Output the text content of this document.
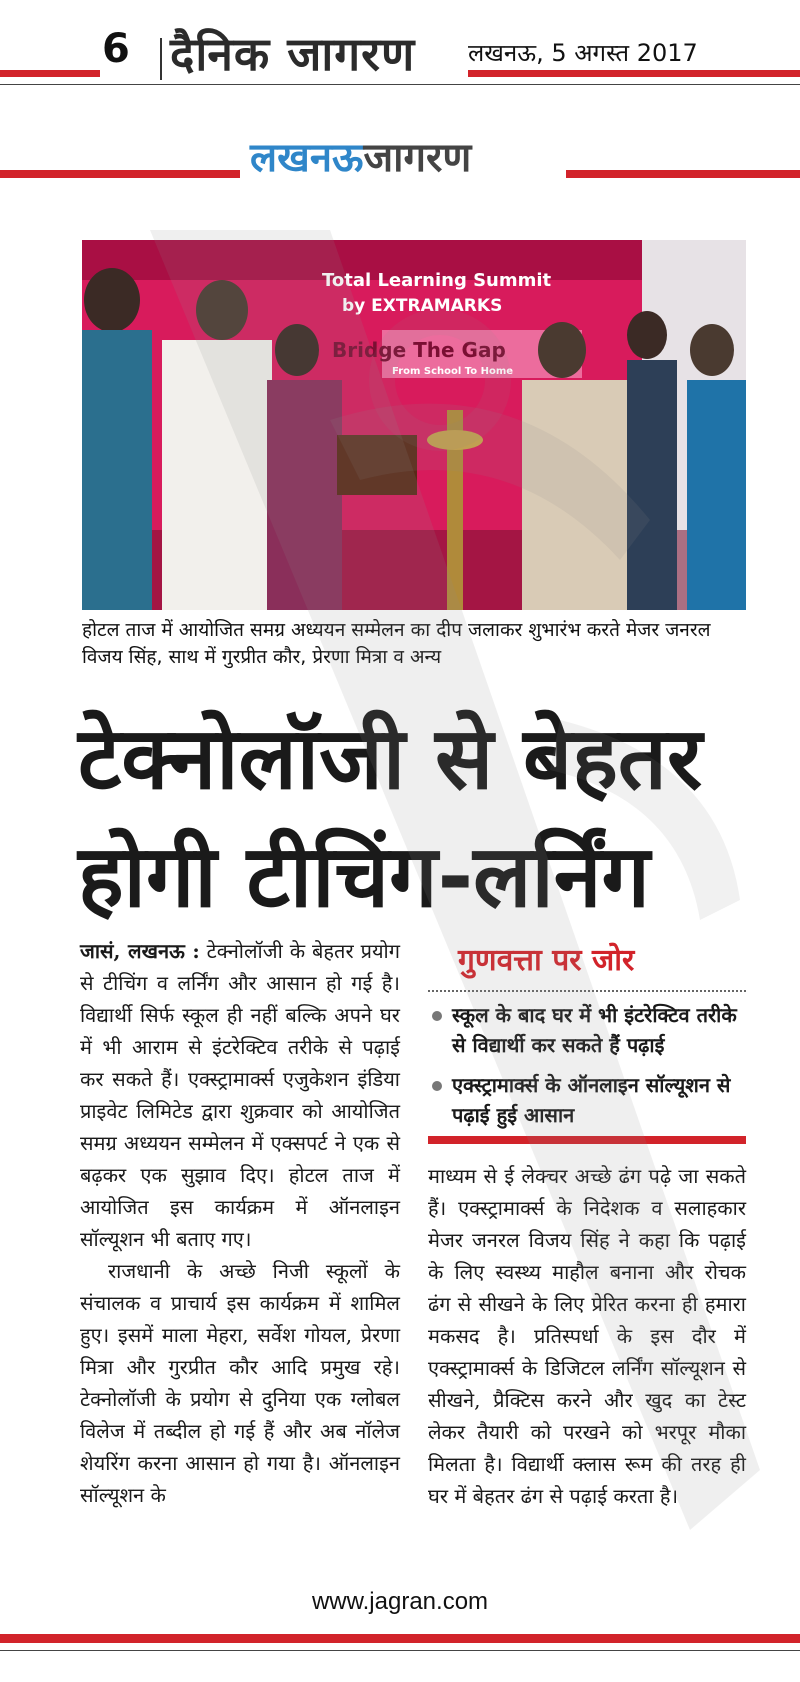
6 दैनिक जागरण लखनऊ, 5 अगस्त 2017
लखनऊजागरण
Total Learning Summit
by EXTRAMARKS
Bridge The Gap
From School To Home
होटल ताज में आयोजित समग्र अध्ययन सम्मेलन का दीप जलाकर शुभारंभ करते मेजर जनरल विजय सिंह, साथ में गुरप्रीत कौर, प्रेरणा मित्रा व अन्य
टेक्नोलॉजी से बेहतर
होगी टीचिंग-लर्निंग

जासं, लखनऊ : टेक्नोलॉजी के बेहतर प्रयोग से टीचिंग व लर्निंग और आसान हो गई है। विद्यार्थी सिर्फ स्कूल ही नहीं बल्कि अपने घर में भी आराम से इंटरेक्टिव तरीके से पढ़ाई कर सकते हैं। एक्स्ट्रामार्क्स एजुकेशन इंडिया प्राइवेट लिमिटेड द्वारा शुक्रवार को आयोजित समग्र अध्ययन सम्मेलन में एक्सपर्ट ने एक से बढ़कर एक सुझाव दिए। होटल ताज में आयोजित इस कार्यक्रम में ऑनलाइन सॉल्यूशन भी बताए गए।

राजधानी के अच्छे निजी स्कूलों के संचालक व प्राचार्य इस कार्यक्रम में शामिल हुए। इसमें माला मेहरा, सर्वेश गोयल, प्रेरणा मित्रा और गुरप्रीत कौर आदि प्रमुख रहे। टेक्नोलॉजी के प्रयोग से दुनिया एक ग्लोबल विलेज में तब्दील हो गई हैं और अब नॉलेज शेयरिंग करना आसान हो गया है। ऑनलाइन सॉल्यूशन के

गुणवत्ता पर जोर
स्कूल के बाद घर में भी इंटरेक्टिव तरीके से विद्यार्थी कर सकते हैं पढ़ाई
एक्स्ट्रामार्क्स के ऑनलाइन सॉल्यूशन से पढ़ाई हुई आसान

माध्यम से ई लेक्चर अच्छे ढंग पढ़े जा सकते हैं। एक्स्ट्रामार्क्स के निदेशक व सलाहकार मेजर जनरल विजय सिंह ने कहा कि पढ़ाई के लिए स्वस्थ्य माहौल बनाना और रोचक ढंग से सीखने के लिए प्रेरित करना ही हमारा मकसद है। प्रतिस्पर्धा के इस दौर में एक्स्ट्रामार्क्स के डिजिटल लर्निंग सॉल्यूशन से सीखने, प्रैक्टिस करने और खुद का टेस्ट लेकर तैयारी को परखने को भरपूर मौका मिलता है। विद्यार्थी क्लास रूम की तरह ही घर में बेहतर ढंग से पढ़ाई करता है।

www.jagran.com
